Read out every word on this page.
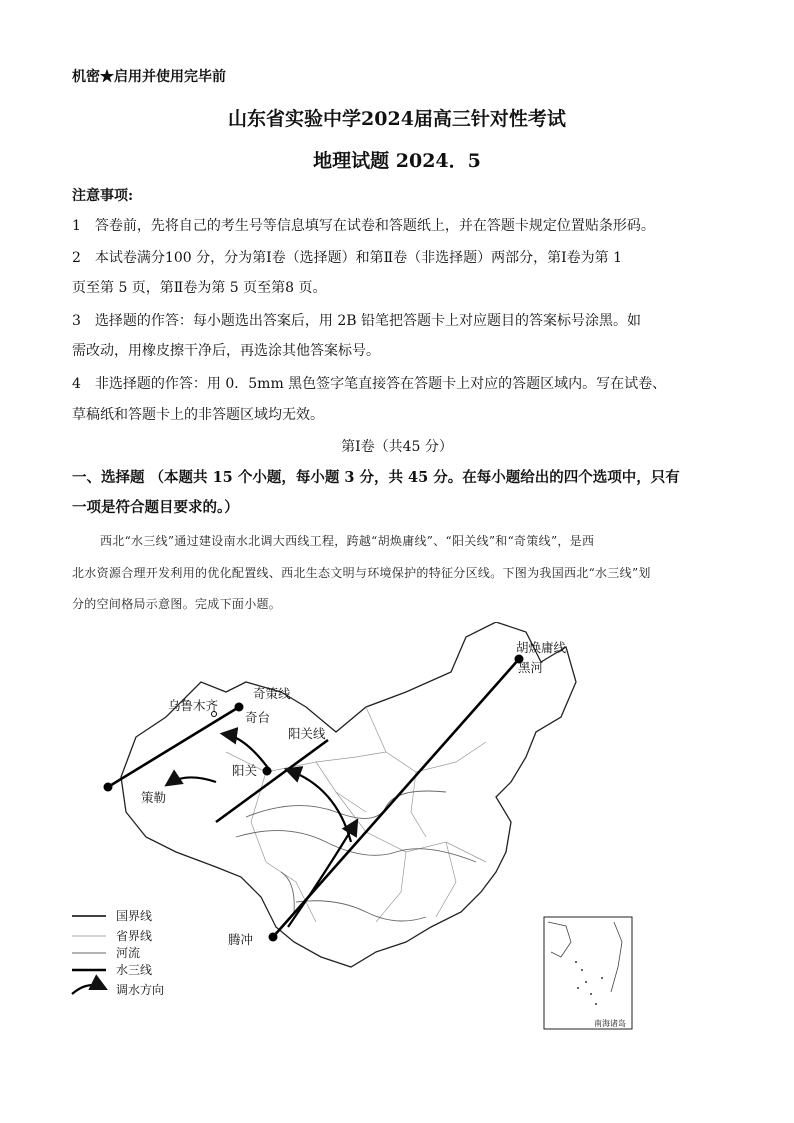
机密★启用并使用完毕前
山东省实验中学2024届高三针对性考试
地理试题 2024．5
注意事项:
1　答卷前，先将自己的考生号等信息填写在试卷和答题纸上，并在答题卡规定位置贴条形码。
2　本试卷满分100 分，分为第Ⅰ卷（选择题）和第Ⅱ卷（非选择题）两部分，第Ⅰ卷为第 1
页至第 5 页，第Ⅱ卷为第 5 页至第8 页。
3　选择题的作答：每小题选出答案后，用 2B 铅笔把答题卡上对应题目的答案标号涂黑。如
需改动，用橡皮擦干净后，再选涂其他答案标号。
4　非选择题的作答：用 0．5mm 黑色签字笔直接答在答题卡上对应的答题区域内。写在试卷、
草稿纸和答题卡上的非答题区域均无效。
第Ⅰ卷（共45 分）
一、选择题 （本题共 15 个小题，每小题 3 分，共 45 分。在每小题给出的四个选项中，只有
一项是符合题目要求的。）
西北“水三线”通过建设南水北调大西线工程，跨越“胡焕庸线”、“阳关线”和“奇策线”，是西
北水资源合理开发利用的优化配置线、西北生态文明与环境保护的特征分区线。下图为我国西北“水三线”划
分的空间格局示意图。完成下面小题。
胡焕庸线
黑河
乌鲁木齐
奇策线
奇台
阳关线
阳关
策勒
腾冲
国界线
省界线
河流
水三线
调水方向
南海诸岛
